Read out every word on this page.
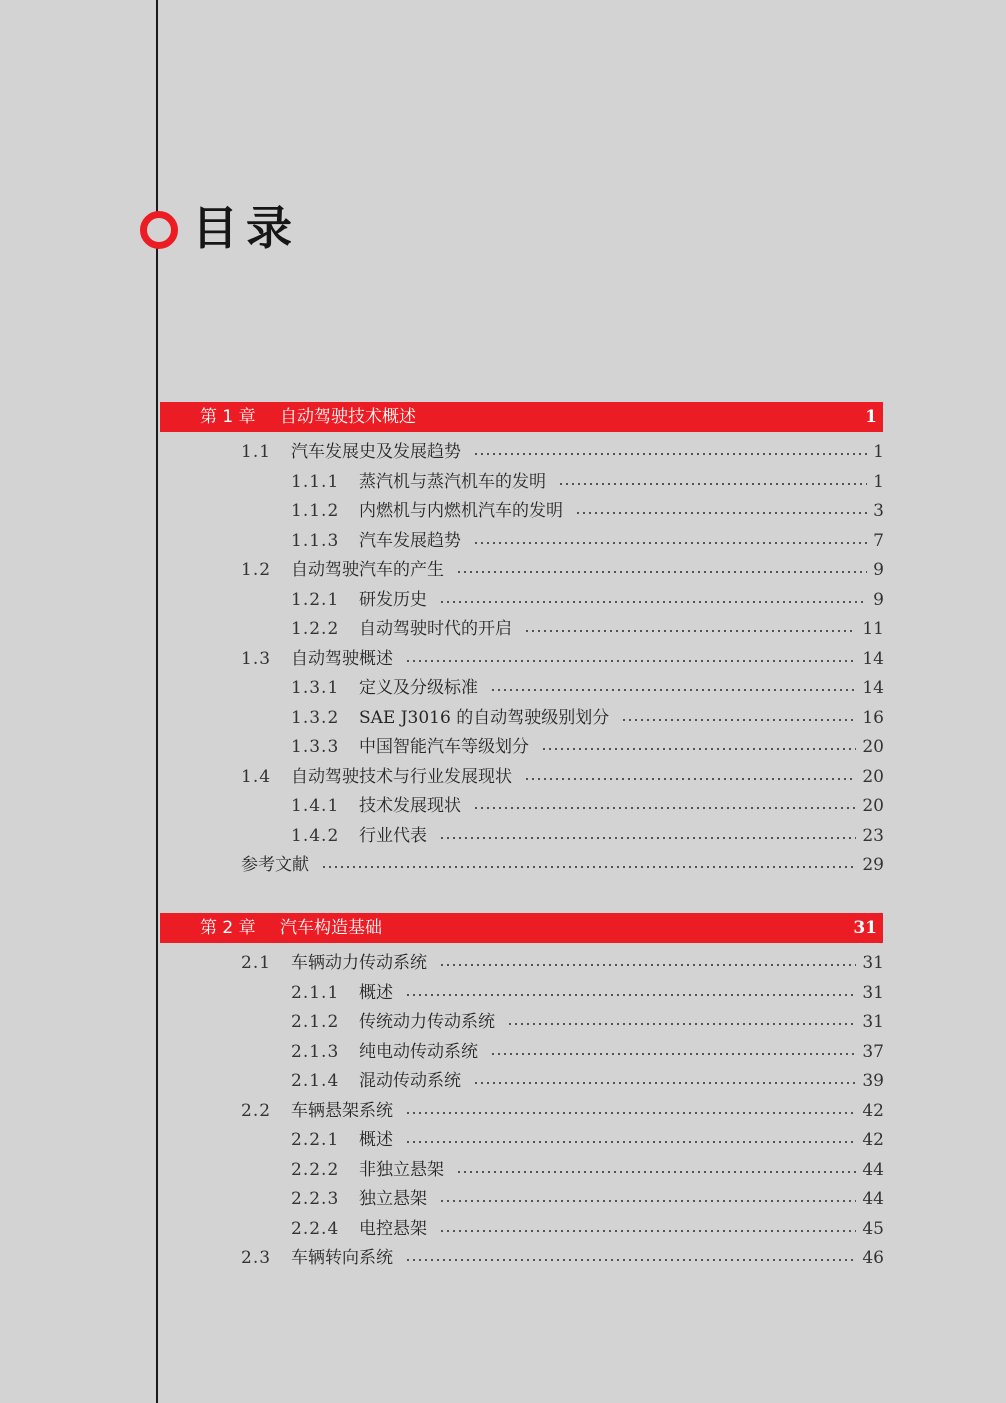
目录
第 1 章 自动驾驶技术概述	1
1.1	汽车发展史及发展趋势	1
1.1.1	蒸汽机与蒸汽机车的发明	1
1.1.2	内燃机与内燃机汽车的发明	3
1.1.3	汽车发展趋势	7
1.2	自动驾驶汽车的产生	9
1.2.1	研发历史	9
1.2.2	自动驾驶时代的开启	11
1.3	自动驾驶概述	14
1.3.1	定义及分级标准	14
1.3.2	SAE J3016 的自动驾驶级别划分	16
1.3.3	中国智能汽车等级划分	20
1.4	自动驾驶技术与行业发展现状	20
1.4.1	技术发展现状	20
1.4.2	行业代表	23
参考文献	29
第 2 章 汽车构造基础	31
2.1	车辆动力传动系统	31
2.1.1	概述	31
2.1.2	传统动力传动系统	31
2.1.3	纯电动传动系统	37
2.1.4	混动传动系统	39
2.2	车辆悬架系统	42
2.2.1	概述	42
2.2.2	非独立悬架	44
2.2.3	独立悬架	44
2.2.4	电控悬架	45
2.3	车辆转向系统	46
